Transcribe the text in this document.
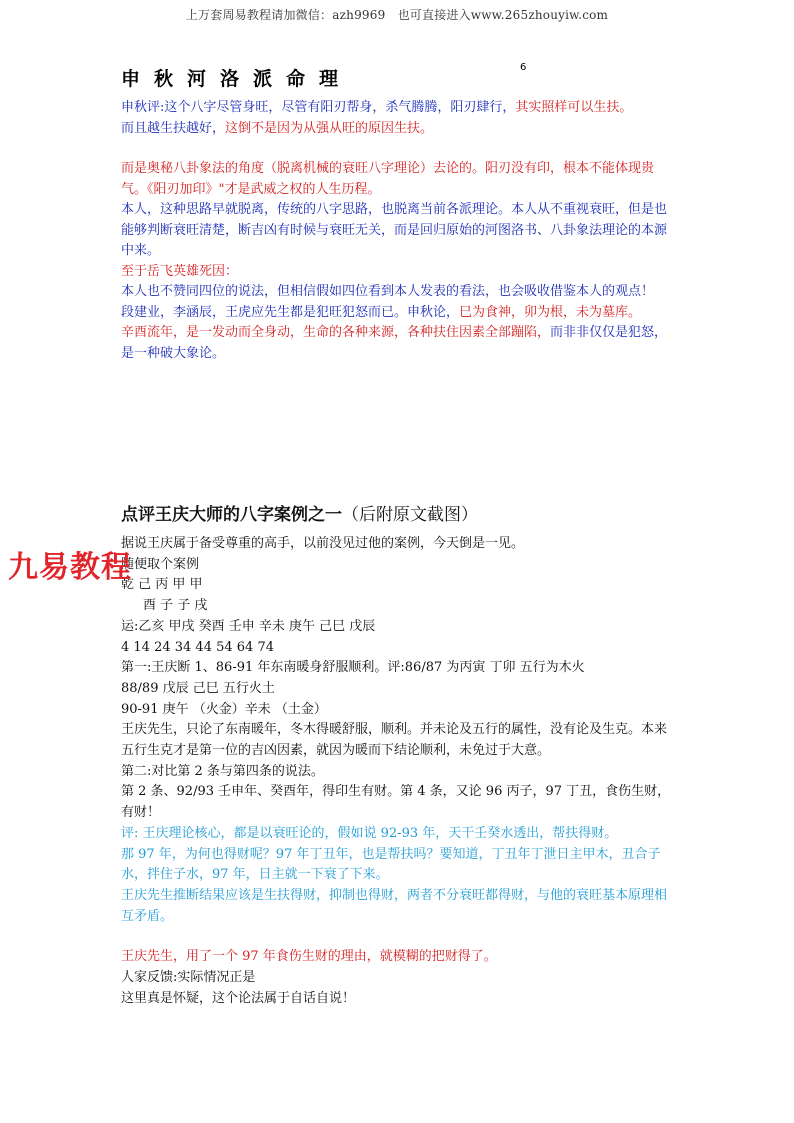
上万套周易教程请加微信：azh9969　也可直接进入www.265zhouyiw.com
6
申秋河洛派命理

申秋评:这个八字尽管身旺，尽管有阳刃帮身，杀气腾腾，阳刃肆行，其实照样可以生扶。

而且越生扶越好，这倒不是因为从强从旺的原因生扶。

而是奥秘八卦象法的角度（脱离机械的衰旺八字理论）去论的。阳刃没有印，根本不能体现贵气。《阳刃加印》"才是武威之权的人生历程。

本人，这种思路早就脱离，传统的八字思路，也脱离当前各派理论。本人从不重视衰旺，但是也能够判断衰旺清楚，断吉凶有时候与衰旺无关，而是回归原始的河图洛书、八卦象法理论的本源中来。

至于岳飞英雄死因：

本人也不赞同四位的说法，但相信假如四位看到本人发表的看法，也会吸收借鉴本人的观点！

段建业，李涵辰，王虎应先生都是犯旺犯怒而已。申秋论，巳为食神，卯为根，未为墓库。

辛酉流年，是一发动而全身动，生命的各种来源，各种扶住因素全部蹦陷，而非非仅仅是犯怒，是一种破大象论。

点评王庆大师的八字案例之一（后附原文截图）

据说王庆属于备受尊重的高手，以前没见过他的案例，今天倒是一见。

随便取个案例

乾 己 丙 甲 甲

酉 子 子 戌

运:乙亥 甲戌 癸酉 壬申 辛未 庚午 己巳 戊辰

4 14 24 34 44 54 64 74

第一:王庆断 1、86-91 年东南暖身舒服顺利。评:86/87 为丙寅 丁卯 五行为木火

88/89 戊辰 己巳 五行火土

90-91 庚午 （火金）辛未 （土金）

王庆先生，只论了东南暖年，冬木得暖舒服，顺利。并未论及五行的属性，没有论及生克。本来五行生克才是第一位的吉凶因素，就因为暖而下结论顺利，未免过于大意。

第二:对比第 2 条与第四条的说法。

第 2 条、92/93 壬申年、癸酉年，得印生有财。第 4 条，又论 96 丙子，97 丁丑，食伤生财，有财！

评: 王庆理论核心，都是以衰旺论的，假如说 92-93 年，天干壬癸水透出，帮扶得财。

那 97 年，为何也得财呢？97 年丁丑年，也是帮扶吗？要知道，丁丑年丁泄日主甲木，丑合子水，拌住子水，97 年，日主就一下衰了下来。

王庆先生推断结果应该是生扶得财，抑制也得财，两者不分衰旺都得财，与他的衰旺基本原理相互矛盾。

王庆先生，用了一个 97 年食伤生财的理由，就模糊的把财得了。

人家反馈:实际情况正是

这里真是怀疑，这个论法属于自话自说！

九易教程
